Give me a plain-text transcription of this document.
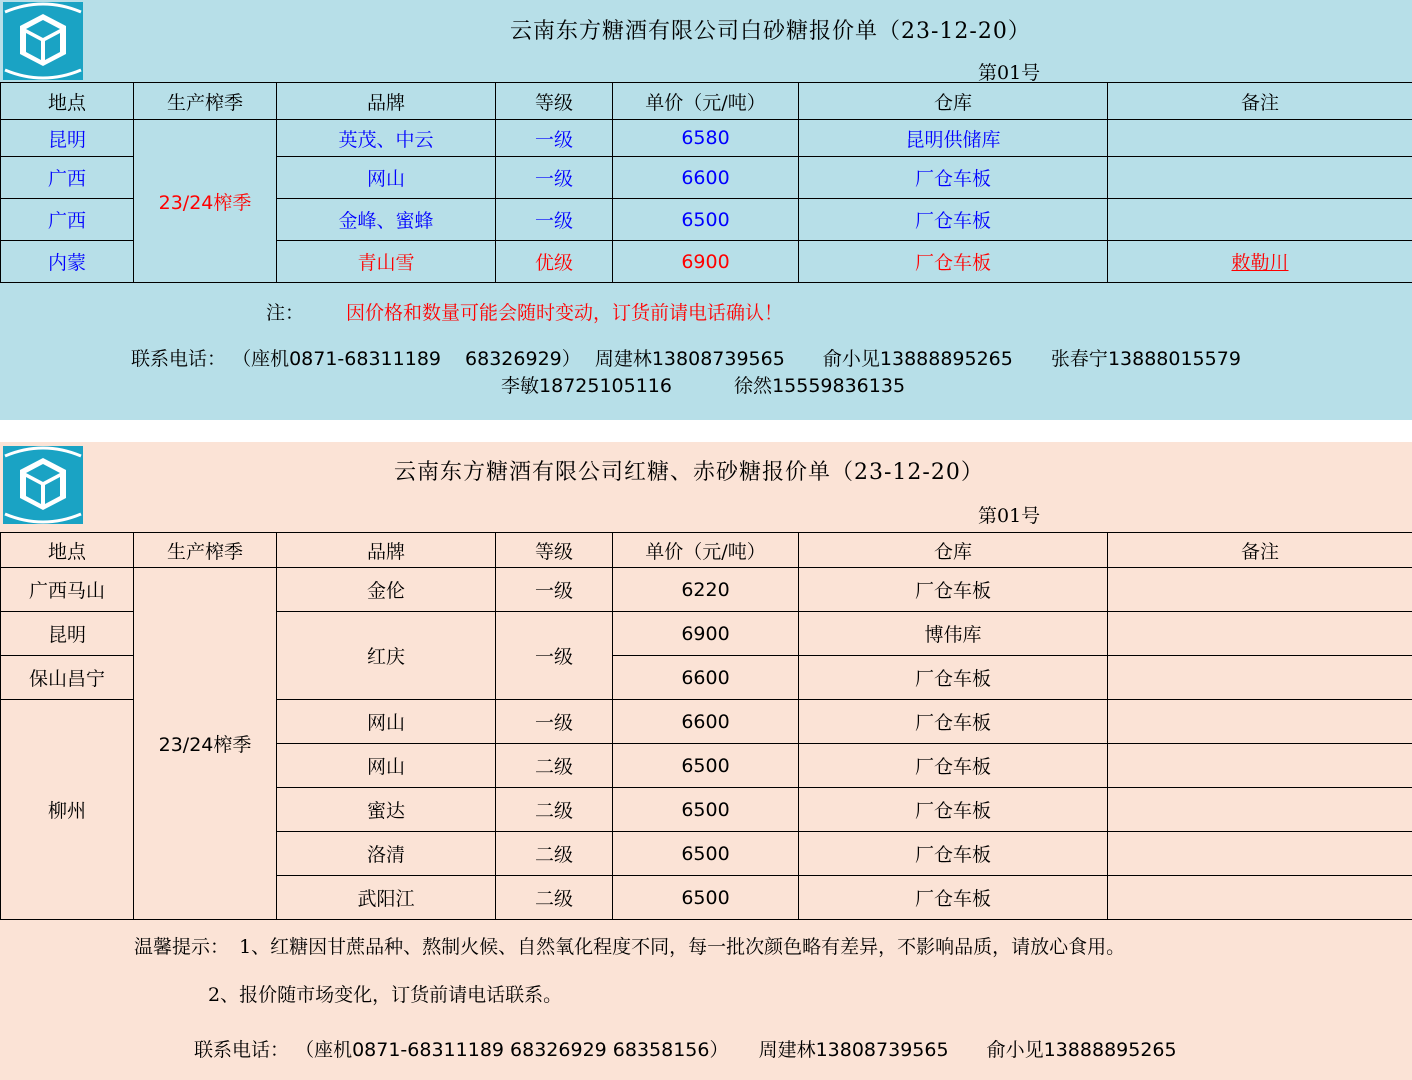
云南东方糖酒有限公司白砂糖报价单（23-12-20）
第01号
地点	生产榨季	品牌	等级	单价（元/吨）	仓库	备注
昆明	23/24榨季	英茂、中云	一级	6580	昆明供储库	
广西		网山	一级	6600	厂仓车板	
广西		金峰、蜜蜂	一级	6500	厂仓车板	
内蒙		青山雪	优级	6900	厂仓车板	敕勒川
注： 因价格和数量可能会随时变动，订货前请电话确认！
联系电话： （座机0871-68311189 68326929） 周建林13808739565 俞小见13888895265 张春宁13888015579
李敏18725105116	徐然15559836135
云南东方糖酒有限公司红糖、赤砂糖报价单（23-12-20）
第01号
地点	生产榨季	品牌	等级	单价（元/吨）	仓库	备注
广西马山	23/24榨季	金伦	一级	6220	厂仓车板	
昆明		红庆	一级	6900	博伟库	
保山昌宁				6600	厂仓车板	
柳州		网山	一级	6600	厂仓车板	
		网山	二级	6500	厂仓车板	
		蜜达	二级	6500	厂仓车板	
		洛清	二级	6500	厂仓车板	
		武阳江	二级	6500	厂仓车板	
温馨提示： 1、红糖因甘蔗品种、熬制火候、自然氧化程度不同，每一批次颜色略有差异，不影响品质，请放心食用。
2、报价随市场变化，订货前请电话联系。
联系电话： （座机0871-68311189 68326929 68358156） 周建林13808739565 俞小见13888895265
